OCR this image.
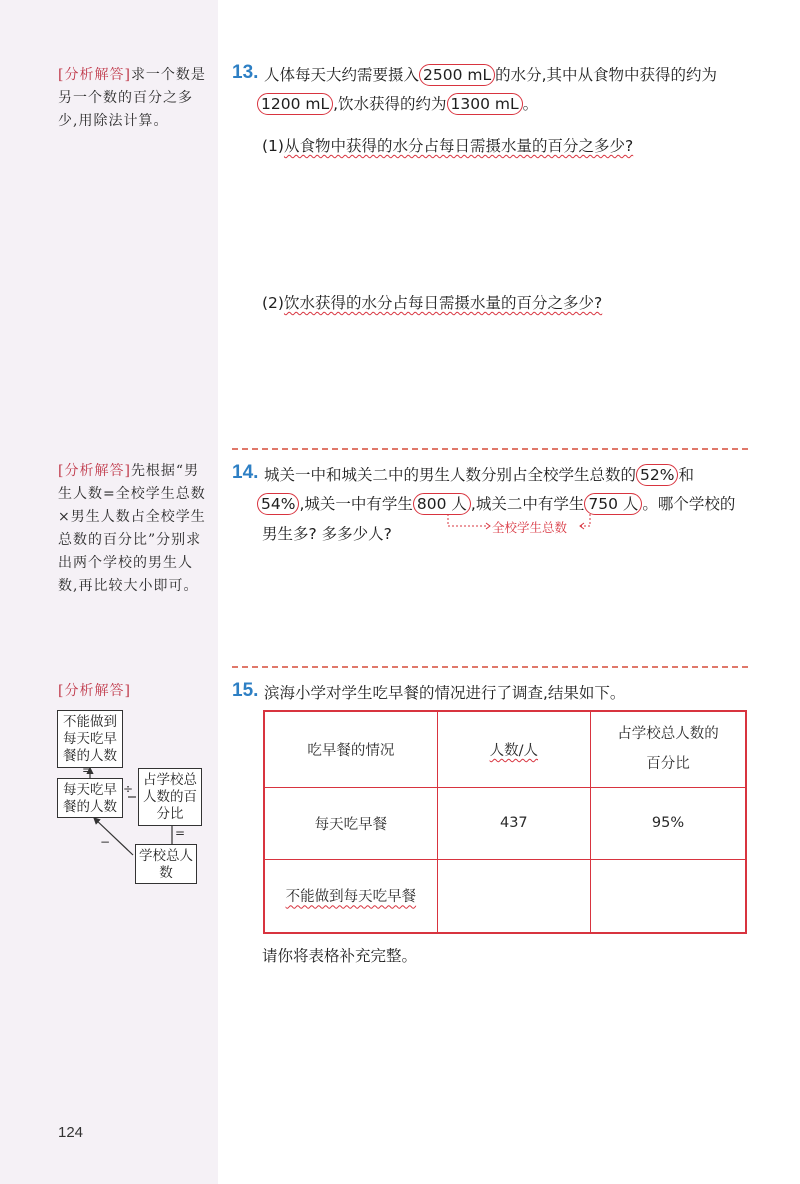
[分析解答]求一个数是另一个数的百分之多少,用除法计算。
[分析解答]先根据“男生人数=全校学生总数×男生人数占全校学生总数的百分比”分别求出两个学校的男生人数,再比较大小即可。
[分析解答]
不能做到每天吃早餐的人数
每天吃早餐的人数
占学校总人数的百分比
学校总人数
=
÷
=
−
124
13. 人体每天大约需要摄入 2500 mL 的水分,其中从食物中获得的约为
1200 mL ,饮水获得的约为 1300 mL 。
(1)从食物中获得的水分占每日需摄水量的百分之多少?
(2)饮水获得的水分占每日需摄水量的百分之多少?
14. 城关一中和城关二中的男生人数分别占全校学生总数的 52% 和
54% ,城关一中有学生 800 人 ,城关二中有学生 750 人 。哪个学校的
男生多? 多多少人?	全校学生总数
15. 滨海小学对学生吃早餐的情况进行了调查,结果如下。
吃早餐的情况	人数/人	占学校总人数的百分比
每天吃早餐	437	95%
不能做到每天吃早餐		
请你将表格补充完整。
